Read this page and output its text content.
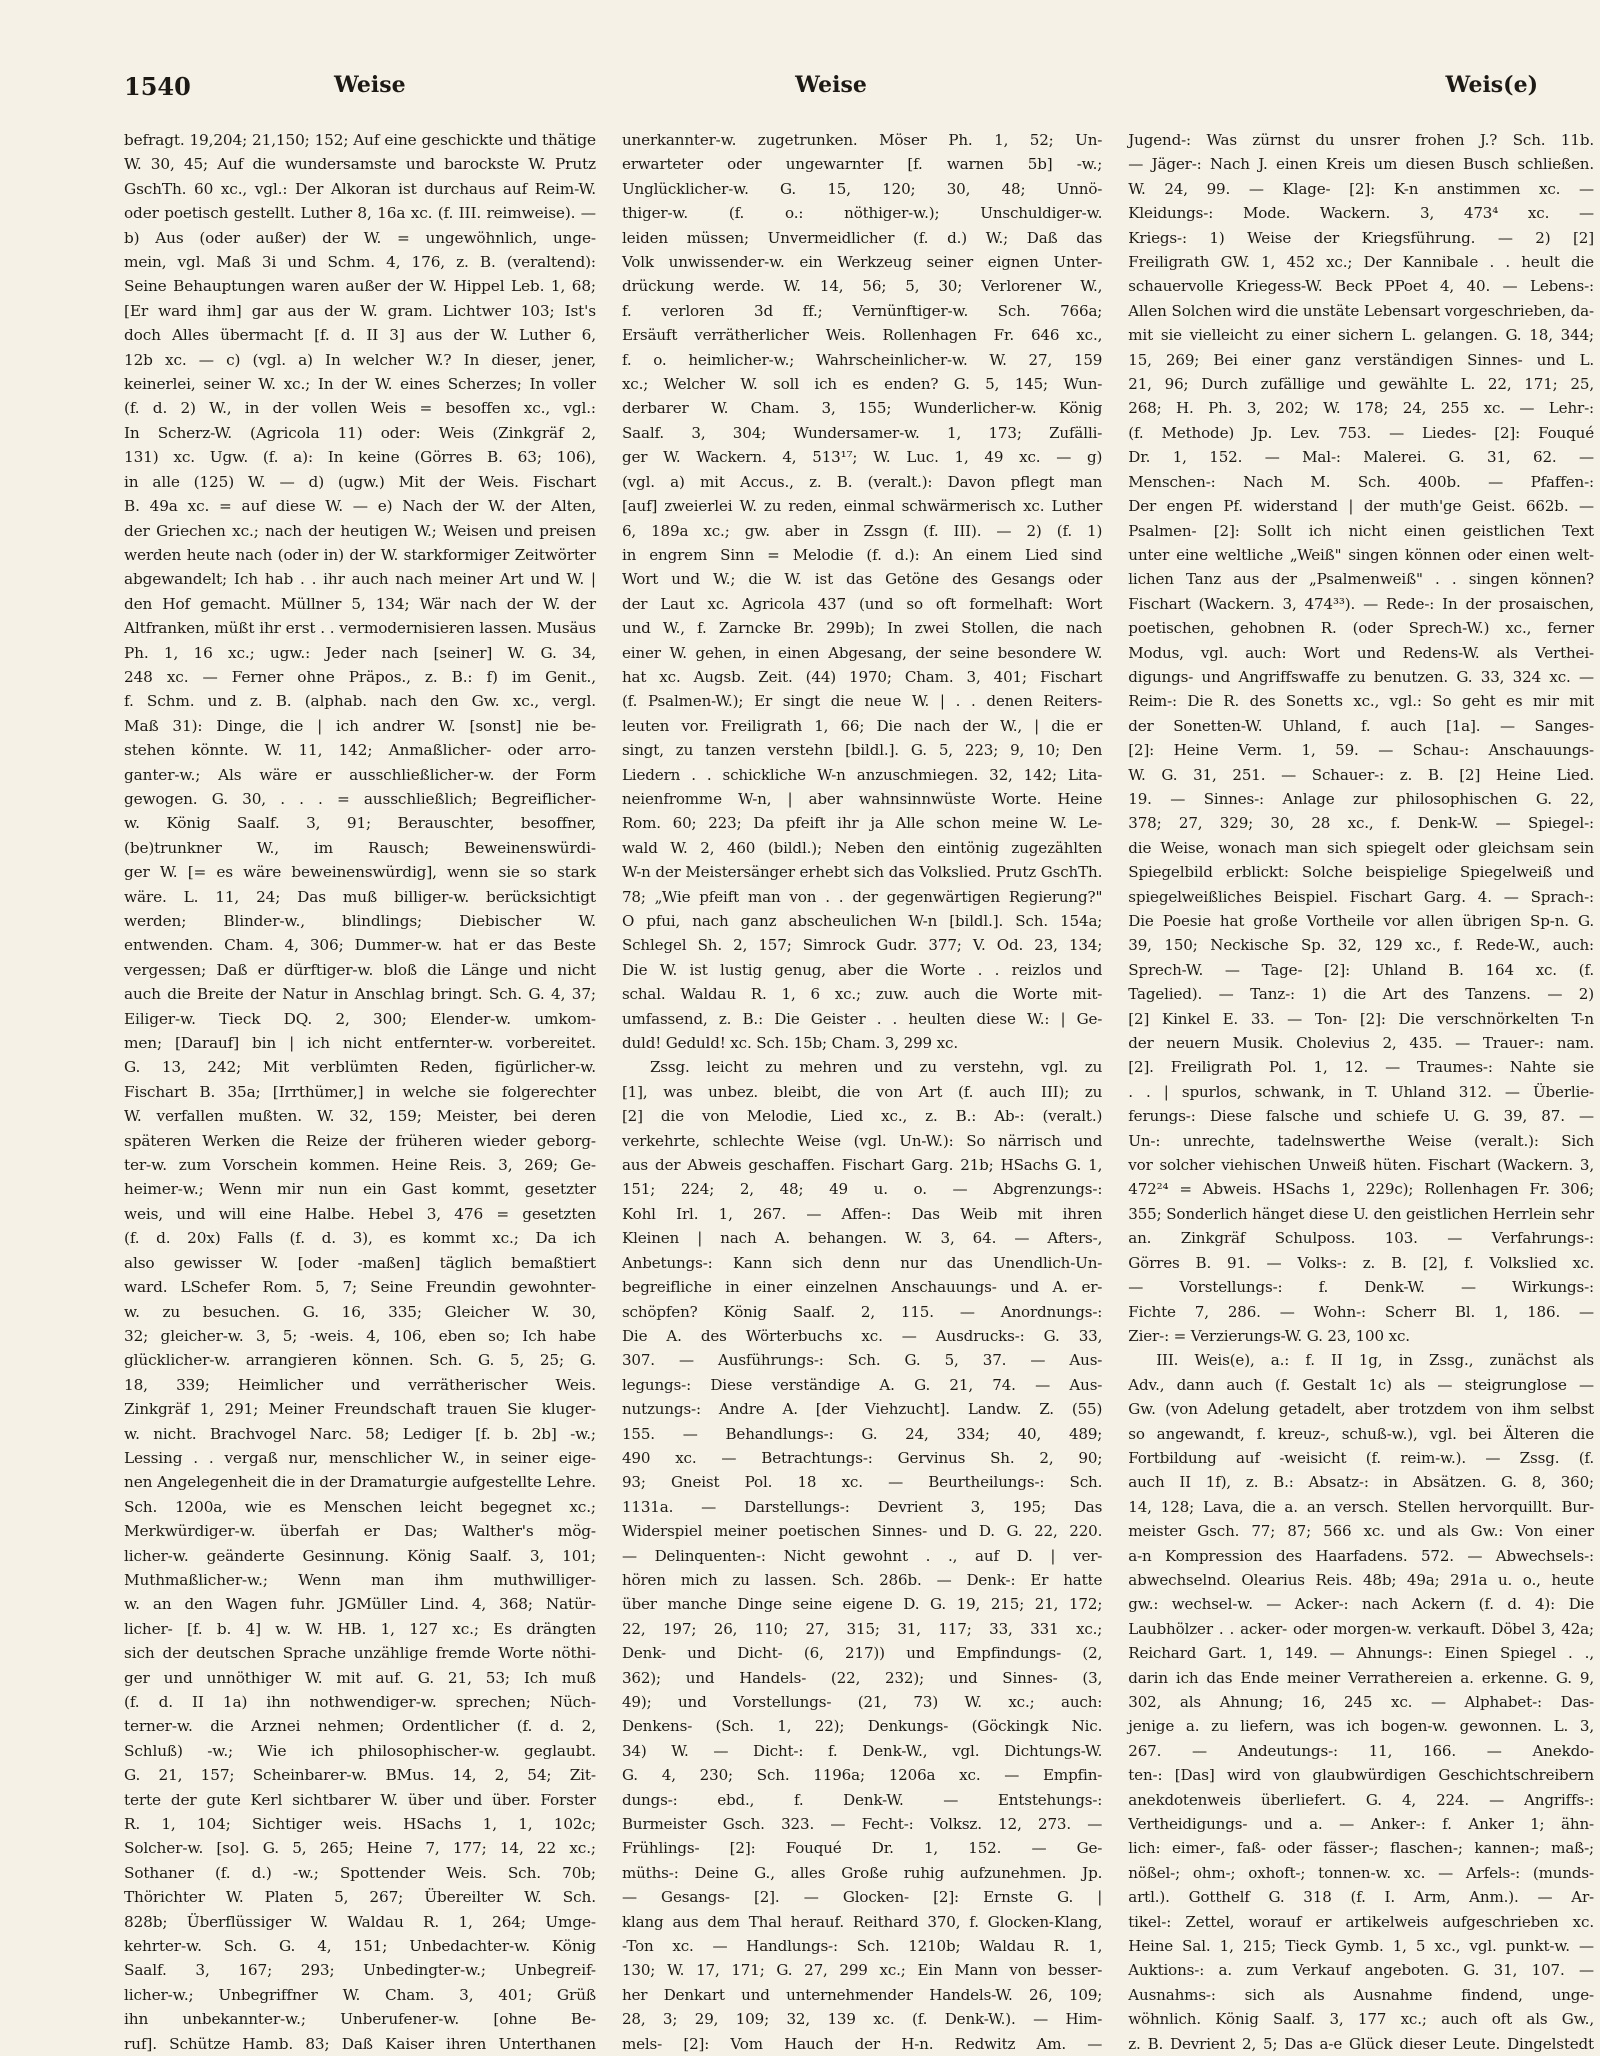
1540	Weise	Weise	Weis(e)
befragt. 19,204; 21,150; 152; Auf eine geschickte und thätige
W. 30, 45; Auf die wundersamste und barockste W. Prutz
GschTh. 60 xc., vgl.: Der Alkoran ist durchaus auf Reim-W.
oder poetisch gestellt. Luther 8, 16a xc. (f. III. reimweise). —
b) Aus (oder außer) der W. = ungewöhnlich, unge-
mein, vgl. Maß 3i und Schm. 4, 176, z. B. (veraltend):
Seine Behauptungen waren außer der W. Hippel Leb. 1, 68;
[Er ward ihm] gar aus der W. gram. Lichtwer 103; Ist's
doch Alles übermacht [f. d. II 3] aus der W. Luther 6,
12b xc. — c) (vgl. a) In welcher W.? In dieser, jener,
keinerlei, seiner W. xc.; In der W. eines Scherzes; In voller
(f. d. 2) W., in der vollen Weis = besoffen xc., vgl.:
In Scherz-W. (Agricola 11) oder: Weis (Zinkgräf 2,
131) xc. Ugw. (f. a): In keine (Görres B. 63; 106),
in alle (125) W. — d) (ugw.) Mit der Weis. Fischart
B. 49a xc. = auf diese W. — e) Nach der W. der Alten,
der Griechen xc.; nach der heutigen W.; Weisen und preisen
werden heute nach (oder in) der W. starkformiger Zeitwörter
abgewandelt; Ich hab . . ihr auch nach meiner Art und W. |
den Hof gemacht. Müllner 5, 134; Wär nach der W. der
Altfranken, müßt ihr erst . . vermodernisieren lassen. Musäus
Ph. 1, 16 xc.; ugw.: Jeder nach [seiner] W. G. 34,
248 xc. — Ferner ohne Präpos., z. B.: f) im Genit.,
f. Schm. und z. B. (alphab. nach den Gw. xc., vergl.
Maß 31): Dinge, die | ich andrer W. [sonst] nie be-
stehen könnte. W. 11, 142; Anmaßlicher- oder arro-
ganter-w.; Als wäre er ausschließlicher-w. der Form
gewogen. G. 30, . . . = ausschließlich; Begreiflicher-
w. König Saalf. 3, 91; Berauschter, besoffner,
(be)trunkner W., im Rausch; Beweinenswürdi-
ger W. [= es wäre beweinenswürdig], wenn sie so stark
wäre. L. 11, 24; Das muß billiger-w. berücksichtigt
werden; Blinder-w., blindlings; Diebischer W.
entwenden. Cham. 4, 306; Dummer-w. hat er das Beste
vergessen; Daß er dürftiger-w. bloß die Länge und nicht
auch die Breite der Natur in Anschlag bringt. Sch. G. 4, 37;
Eiliger-w. Tieck DQ. 2, 300; Elender-w. umkom-
men; [Darauf] bin | ich nicht entfernter-w. vorbereitet.
G. 13, 242; Mit verblümten Reden, figürlicher-w.
Fischart B. 35a; [Irrthümer,] in welche sie folgerechter
W. verfallen mußten. W. 32, 159; Meister, bei deren
späteren Werken die Reize der früheren wieder geborg-
ter-w. zum Vorschein kommen. Heine Reis. 3, 269; Ge-
heimer-w.; Wenn mir nun ein Gast kommt, gesetzter
weis, und will eine Halbe. Hebel 3, 476 = gesetzten
(f. d. 20x) Falls (f. d. 3), es kommt xc.; Da ich
also gewisser W. [oder -maßen] täglich bemaßtiert
ward. LSchefer Rom. 5, 7; Seine Freundin gewohnter-
w. zu besuchen. G. 16, 335; Gleicher W. 30,
32; gleicher-w. 3, 5; -weis. 4, 106, eben so; Ich habe
glücklicher-w. arrangieren können. Sch. G. 5, 25; G.
18, 339; Heimlicher und verrätherischer Weis.
Zinkgräf 1, 291; Meiner Freundschaft trauen Sie kluger-
w. nicht. Brachvogel Narc. 58; Lediger [f. b. 2b] -w.;
Lessing . . vergaß nur, menschlicher W., in seiner eige-
nen Angelegenheit die in der Dramaturgie aufgestellte Lehre.
Sch. 1200a, wie es Menschen leicht begegnet xc.;
Merkwürdiger-w. überfah er Das; Walther's mög-
licher-w. geänderte Gesinnung. König Saalf. 3, 101;
Muthmaßlicher-w.; Wenn man ihm muthwilliger-
w. an den Wagen fuhr. JGMüller Lind. 4, 368; Natür-
licher- [f. b. 4] w. W. HB. 1, 127 xc.; Es drängten
sich der deutschen Sprache unzählige fremde Worte nöthi-
ger und unnöthiger W. mit auf. G. 21, 53; Ich muß
(f. d. II 1a) ihn nothwendiger-w. sprechen; Nüch-
terner-w. die Arznei nehmen; Ordentlicher (f. d. 2,
Schluß) -w.; Wie ich philosophischer-w. geglaubt.
G. 21, 157; Scheinbarer-w. BMus. 14, 2, 54; Zit-
terte der gute Kerl sichtbarer W. über und über. Forster
R. 1, 104; Sichtiger weis. HSachs 1, 1, 102c;
Solcher-w. [so]. G. 5, 265; Heine 7, 177; 14, 22 xc.;
Sothaner (f. d.) -w.; Spottender Weis. Sch. 70b;
Thörichter W. Platen 5, 267; Übereilter W. Sch.
828b; Überflüssiger W. Waldau R. 1, 264; Umge-
kehrter-w. Sch. G. 4, 151; Unbedachter-w. König
Saalf. 3, 167; 293; Unbedingter-w.; Unbegreif-
licher-w.; Unbegriffner W. Cham. 3, 401; Grüß
ihn unbekannter-w.; Unberufener-w. [ohne Be-
ruf]. Schütze Hamb. 83; Daß Kaiser ihren Unterthanen
unerkannter-w. zugetrunken. Möser Ph. 1, 52; Un-
erwarteter oder ungewarnter [f. warnen 5b] -w.;
Unglücklicher-w. G. 15, 120; 30, 48; Unnö-
thiger-w. (f. o.: nöthiger-w.); Unschuldiger-w.
leiden müssen; Unvermeidlicher (f. d.) W.; Daß das
Volk unwissender-w. ein Werkzeug seiner eignen Unter-
drückung werde. W. 14, 56; 5, 30; Verlorener W.,
f. verloren 3d ff.; Vernünftiger-w. Sch. 766a;
Ersäuft verrätherlicher Weis. Rollenhagen Fr. 646 xc.,
f. o. heimlicher-w.; Wahrscheinlicher-w. W. 27, 159
xc.; Welcher W. soll ich es enden? G. 5, 145; Wun-
derbarer W. Cham. 3, 155; Wunderlicher-w. König
Saalf. 3, 304; Wundersamer-w. 1, 173; Zufälli-
ger W. Wackern. 4, 513¹⁷; W. Luc. 1, 49 xc. — g)
(vgl. a) mit Accus., z. B. (veralt.): Davon pflegt man
[auf] zweierlei W. zu reden, einmal schwärmerisch xc. Luther
6, 189a xc.; gw. aber in Zssgn (f. III). — 2) (f. 1)
in engrem Sinn = Melodie (f. d.): An einem Lied sind
Wort und W.; die W. ist das Getöne des Gesangs oder
der Laut xc. Agricola 437 (und so oft formelhaft: Wort
und W., f. Zarncke Br. 299b); In zwei Stollen, die nach
einer W. gehen, in einen Abgesang, der seine besondere W.
hat xc. Augsb. Zeit. (44) 1970; Cham. 3, 401; Fischart
(f. Psalmen-W.); Er singt die neue W. | . . denen Reiters-
leuten vor. Freiligrath 1, 66; Die nach der W., | die er
singt, zu tanzen verstehn [bildl.]. G. 5, 223; 9, 10; Den
Liedern . . schickliche W-n anzuschmiegen. 32, 142; Lita-
neienfromme W-n, | aber wahnsinnwüste Worte. Heine
Rom. 60; 223; Da pfeift ihr ja Alle schon meine W. Le-
wald W. 2, 460 (bildl.); Neben den eintönig zugezählten
W-n der Meistersänger erhebt sich das Volkslied. Prutz GschTh.
78; „Wie pfeift man von . . der gegenwärtigen Regierung?"
O pfui, nach ganz abscheulichen W-n [bildl.]. Sch. 154a;
Schlegel Sh. 2, 157; Simrock Gudr. 377; V. Od. 23, 134;
Die W. ist lustig genug, aber die Worte . . reizlos und
schal. Waldau R. 1, 6 xc.; zuw. auch die Worte mit-
umfassend, z. B.: Die Geister . . heulten diese W.: | Ge-
duld! Geduld! xc. Sch. 15b; Cham. 3, 299 xc.
Zssg. leicht zu mehren und zu verstehn, vgl. zu
[1], was unbez. bleibt, die von Art (f. auch III); zu
[2] die von Melodie, Lied xc., z. B.: Ab-: (veralt.)
verkehrte, schlechte Weise (vgl. Un-W.): So närrisch und
aus der Abweis geschaffen. Fischart Garg. 21b; HSachs G. 1,
151; 224; 2, 48; 49 u. o. — Abgrenzungs-:
Kohl Irl. 1, 267. — Affen-: Das Weib mit ihren
Kleinen | nach A. behangen. W. 3, 64. — Afters-,
Anbetungs-: Kann sich denn nur das Unendlich-Un-
begreifliche in einer einzelnen Anschauungs- und A. er-
schöpfen? König Saalf. 2, 115. — Anordnungs-:
Die A. des Wörterbuchs xc. — Ausdrucks-: G. 33,
307. — Ausführungs-: Sch. G. 5, 37. — Aus-
legungs-: Diese verständige A. G. 21, 74. — Aus-
nutzungs-: Andre A. [der Viehzucht]. Landw. Z. (55)
155. — Behandlungs-: G. 24, 334; 40, 489;
490 xc. — Betrachtungs-: Gervinus Sh. 2, 90;
93; Gneist Pol. 18 xc. — Beurtheilungs-: Sch.
1131a. — Darstellungs-: Devrient 3, 195; Das
Widerspiel meiner poetischen Sinnes- und D. G. 22, 220.
— Delinquenten-: Nicht gewohnt . ., auf D. | ver-
hören mich zu lassen. Sch. 286b. — Denk-: Er hatte
über manche Dinge seine eigene D. G. 19, 215; 21, 172;
22, 197; 26, 110; 27, 315; 31, 117; 33, 331 xc.;
Denk- und Dicht- (6, 217)) und Empfindungs- (2,
362); und Handels- (22, 232); und Sinnes- (3,
49); und Vorstellungs- (21, 73) W. xc.; auch:
Denkens- (Sch. 1, 22); Denkungs- (Göckingk Nic.
34) W. — Dicht-: f. Denk-W., vgl. Dichtungs-W.
G. 4, 230; Sch. 1196a; 1206a xc. — Empfin-
dungs-: ebd., f. Denk-W. — Entstehungs-:
Burmeister Gsch. 323. — Fecht-: Volksz. 12, 273. —
Frühlings- [2]: Fouqué Dr. 1, 152. — Ge-
müths-: Deine G., alles Große ruhig aufzunehmen. Jp.
— Gesangs- [2]. — Glocken- [2]: Ernste G. |
klang aus dem Thal herauf. Reithard 370, f. Glocken-Klang,
-Ton xc. — Handlungs-: Sch. 1210b; Waldau R. 1,
130; W. 17, 171; G. 27, 299 xc.; Ein Mann von besser-
her Denkart und unternehmender Handels-W. 26, 109;
28, 3; 29, 109; 32, 139 xc. (f. Denk-W.). — Him-
mels- [2]: Vom Hauch der H-n. Redwitz Am. —
Jugend-: Was zürnst du unsrer frohen J.? Sch. 11b.
— Jäger-: Nach J. einen Kreis um diesen Busch schließen.
W. 24, 99. — Klage- [2]: K-n anstimmen xc. —
Kleidungs-: Mode. Wackern. 3, 473⁴ xc. —
Kriegs-: 1) Weise der Kriegsführung. — 2) [2]
Freiligrath GW. 1, 452 xc.; Der Kannibale . . heult die
schauervolle Kriegess-W. Beck PPoet 4, 40. — Lebens-:
Allen Solchen wird die unstäte Lebensart vorgeschrieben, da-
mit sie vielleicht zu einer sichern L. gelangen. G. 18, 344;
15, 269; Bei einer ganz verständigen Sinnes- und L.
21, 96; Durch zufällige und gewählte L. 22, 171; 25,
268; H. Ph. 3, 202; W. 178; 24, 255 xc. — Lehr-:
(f. Methode) Jp. Lev. 753. — Liedes- [2]: Fouqué
Dr. 1, 152. — Mal-: Malerei. G. 31, 62. —
Menschen-: Nach M. Sch. 400b. — Pfaffen-:
Der engen Pf. widerstand | der muth'ge Geist. 662b. —
Psalmen- [2]: Sollt ich nicht einen geistlichen Text
unter eine weltliche „Weiß" singen können oder einen welt-
lichen Tanz aus der „Psalmenweiß" . . singen können?
Fischart (Wackern. 3, 474³³). — Rede-: In der prosaischen,
poetischen, gehobnen R. (oder Sprech-W.) xc., ferner
Modus, vgl. auch: Wort und Redens-W. als Verthei-
digungs- und Angriffswaffe zu benutzen. G. 33, 324 xc. —
Reim-: Die R. des Sonetts xc., vgl.: So geht es mir mit
der Sonetten-W. Uhland, f. auch [1a]. — Sanges-
[2]: Heine Verm. 1, 59. — Schau-: Anschauungs-
W. G. 31, 251. — Schauer-: z. B. [2] Heine Lied.
19. — Sinnes-: Anlage zur philosophischen G. 22,
378; 27, 329; 30, 28 xc., f. Denk-W. — Spiegel-:
die Weise, wonach man sich spiegelt oder gleichsam sein
Spiegelbild erblickt: Solche beispielige Spiegelweiß und
spiegelweißliches Beispiel. Fischart Garg. 4. — Sprach-:
Die Poesie hat große Vortheile vor allen übrigen Sp-n. G.
39, 150; Neckische Sp. 32, 129 xc., f. Rede-W., auch:
Sprech-W. — Tage- [2]: Uhland B. 164 xc. (f.
Tagelied). — Tanz-: 1) die Art des Tanzens. — 2)
[2] Kinkel E. 33. — Ton- [2]: Die verschnörkelten T-n
der neuern Musik. Cholevius 2, 435. — Trauer-: nam.
[2]. Freiligrath Pol. 1, 12. — Traumes-: Nahte sie
. . | spurlos, schwank, in T. Uhland 312. — Überlie-
ferungs-: Diese falsche und schiefe U. G. 39, 87. —
Un-: unrechte, tadelnswerthe Weise (veralt.): Sich
vor solcher viehischen Unweiß hüten. Fischart (Wackern. 3,
472²⁴ = Abweis. HSachs 1, 229c); Rollenhagen Fr. 306;
355; Sonderlich hänget diese U. den geistlichen Herrlein sehr
an. Zinkgräf Schulposs. 103. — Verfahrungs-:
Görres B. 91. — Volks-: z. B. [2], f. Volkslied xc.
— Vorstellungs-: f. Denk-W. — Wirkungs-:
Fichte 7, 286. — Wohn-: Scherr Bl. 1, 186. —
Zier-: = Verzierungs-W. G. 23, 100 xc.
III. Weis(e), a.: f. II 1g, in Zssg., zunächst als
Adv., dann auch (f. Gestalt 1c) als — steigrunglose —
Gw. (von Adelung getadelt, aber trotzdem von ihm selbst
so angewandt, f. kreuz-, schuß-w.), vgl. bei Älteren die
Fortbildung auf -weisicht (f. reim-w.). — Zssg. (f.
auch II 1f), z. B.: Absatz-: in Absätzen. G. 8, 360;
14, 128; Lava, die a. an versch. Stellen hervorquillt. Bur-
meister Gsch. 77; 87; 566 xc. und als Gw.: Von einer
a-n Kompression des Haarfadens. 572. — Abwechsels-:
abwechselnd. Olearius Reis. 48b; 49a; 291a u. o., heute
gw.: wechsel-w. — Acker-: nach Ackern (f. d. 4): Die
Laubhölzer . . acker- oder morgen-w. verkauft. Döbel 3, 42a;
Reichard Gart. 1, 149. — Ahnungs-: Einen Spiegel . .,
darin ich das Ende meiner Verrathereien a. erkenne. G. 9,
302, als Ahnung; 16, 245 xc. — Alphabet-: Das-
jenige a. zu liefern, was ich bogen-w. gewonnen. L. 3,
267. — Andeutungs-: 11, 166. — Anekdo-
ten-: [Das] wird von glaubwürdigen Geschichtschreibern
anekdotenweis überliefert. G. 4, 224. — Angriffs-:
Vertheidigungs- und a. — Anker-: f. Anker 1; ähn-
lich: eimer-, faß- oder fässer-; flaschen-; kannen-; maß-;
nößel-; ohm-; oxhoft-; tonnen-w. xc. — Arfels-: (munds-
artl.). Gotthelf G. 318 (f. I. Arm, Anm.). — Ar-
tikel-: Zettel, worauf er artikelweis aufgeschrieben xc.
Heine Sal. 1, 215; Tieck Gymb. 1, 5 xc., vgl. punkt-w. —
Auktions-: a. zum Verkauf angeboten. G. 31, 107. —
Ausnahms-: sich als Ausnahme findend, unge-
wöhnlich. König Saalf. 3, 177 xc.; auch oft als Gw.,
z. B. Devrient 2, 5; Das a-e Glück dieser Leute. Dingelstedt
